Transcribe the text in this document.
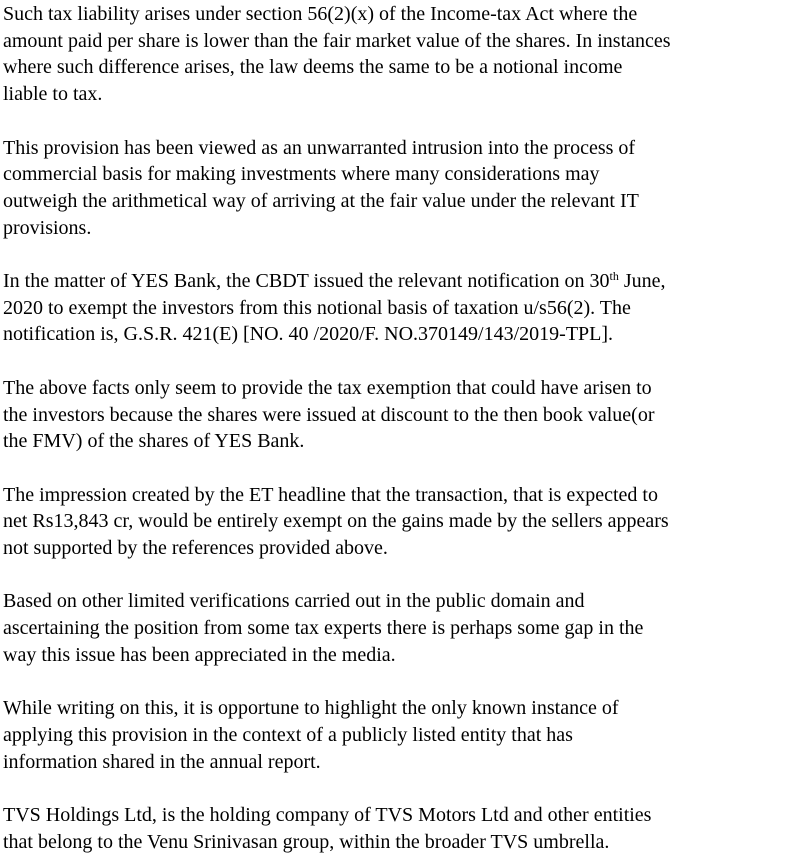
Such tax liability arises under section 56(2)(x) of the Income-tax Act where the
amount paid per share is lower than the fair market value of the shares. In instances
where such difference arises, the law deems the same to be a notional income
liable to tax.

This provision has been viewed as an unwarranted intrusion into the process of
commercial basis for making investments where many considerations may
outweigh the arithmetical way of arriving at the fair value under the relevant IT
provisions.

In the matter of YES Bank, the CBDT issued the relevant notification on 30th June,
2020 to exempt the investors from this notional basis of taxation u/s56(2). The
notification is, G.S.R. 421(E) [NO. 40 /2020/F. NO.370149/143/2019-TPL].

The above facts only seem to provide the tax exemption that could have arisen to
the investors because the shares were issued at discount to the then book value(or
the FMV) of the shares of YES Bank.

The impression created by the ET headline that the transaction, that is expected to
net Rs13,843 cr, would be entirely exempt on the gains made by the sellers appears
not supported by the references provided above.

Based on other limited verifications carried out in the public domain and
ascertaining the position from some tax experts there is perhaps some gap in the
way this issue has been appreciated in the media.

While writing on this, it is opportune to highlight the only known instance of
applying this provision in the context of a publicly listed entity that has
information shared in the annual report.

TVS Holdings Ltd, is the holding company of TVS Motors Ltd and other entities
that belong to the Venu Srinivasan group, within the broader TVS umbrella.
